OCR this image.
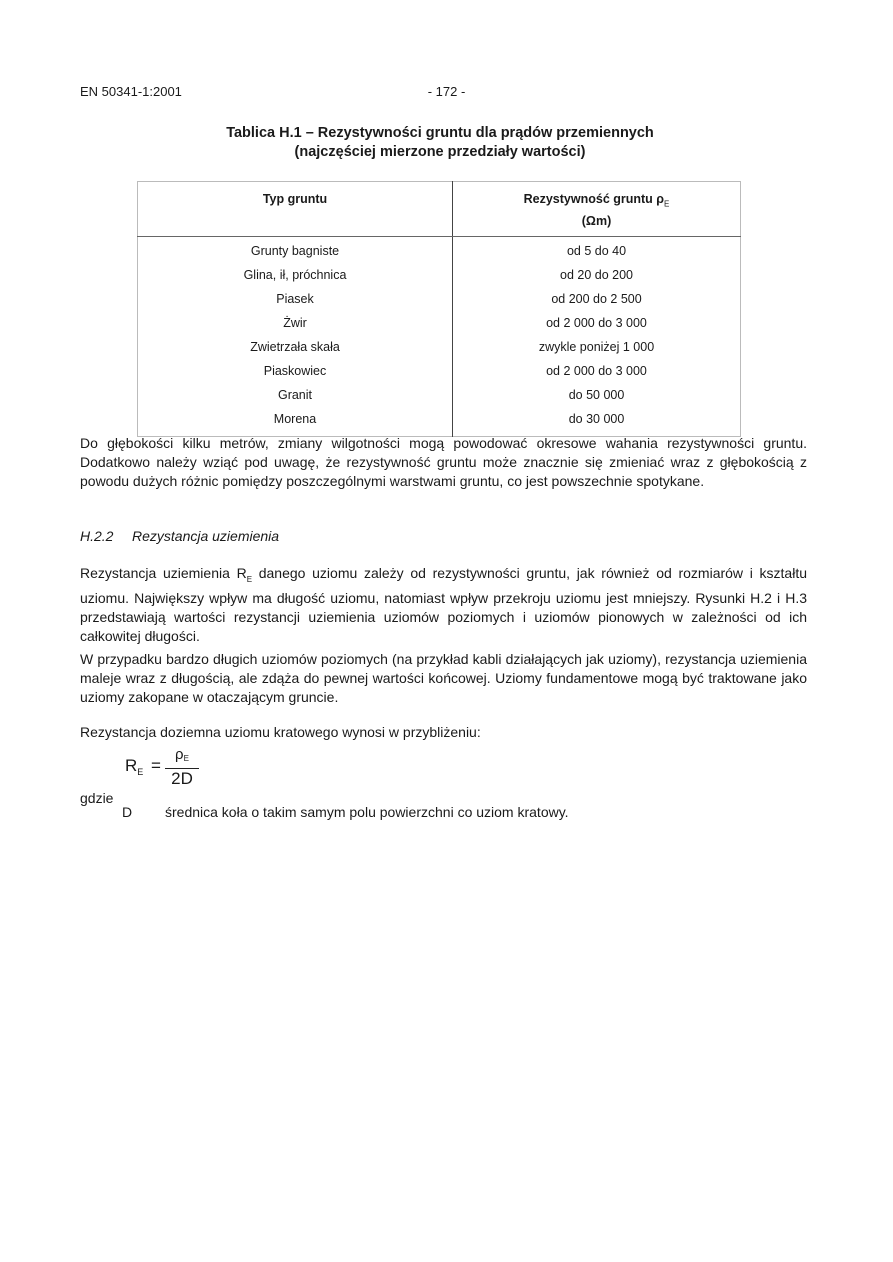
EN 50341-1:2001	- 172 -
Tablica H.1 – Rezystywności gruntu dla prądów przemiennych
(najczęściej mierzone przedziały wartości)
Typ gruntu	Rezystywność gruntu $\rho_E$
(Ωm)
Grunty bagniste	od 5 do 40
Glina, ił, próchnica	od 20 do 200
Piasek	od 200 do 2 500
Żwir	od 2 000 do 3 000
Zwietrzała skała	zwykle poniżej 1 000
Piaskowiec	od 2 000 do 3 000
Granit	do 50 000
Morena	do 30 000

Do głębokości kilku metrów, zmiany wilgotności mogą powodować okresowe wahania rezystywności gruntu. Dodatkowo należy wziąć pod uwagę, że rezystywność gruntu może znacznie się zmieniać wraz z głębokością z powodu dużych różnic pomiędzy poszczególnymi warstwami gruntu, co jest powszechnie spotykane.

H.2.2 Rezystancja uziemienia

Rezystancja uziemienia $R_E$ danego uziomu zależy od rezystywności gruntu, jak również od rozmiarów i kształtu uziomu. Największy wpływ ma długość uziomu, natomiast wpływ przekroju uziomu jest mniejszy. Rysunki H.2 i H.3 przedstawiają wartości rezystancji uziemienia uziomów poziomych i uziomów pionowych w zależności od ich całkowitej długości.

W przypadku bardzo długich uziomów poziomych (na przykład kabli działających jak uziomy), rezystancja uziemienia maleje wraz z długością, ale zdąża do pewnej wartości końcowej. Uziomy fundamentowe mogą być traktowane jako uziomy zakopane w otaczającym gruncie.

Rezystancja doziemna uziomu kratowego wynosi w przybliżeniu:

$R_E = \frac{\rho_E}{2D}$
gdzie
D średnica koła o takim samym polu powierzchni co uziom kratowy.
